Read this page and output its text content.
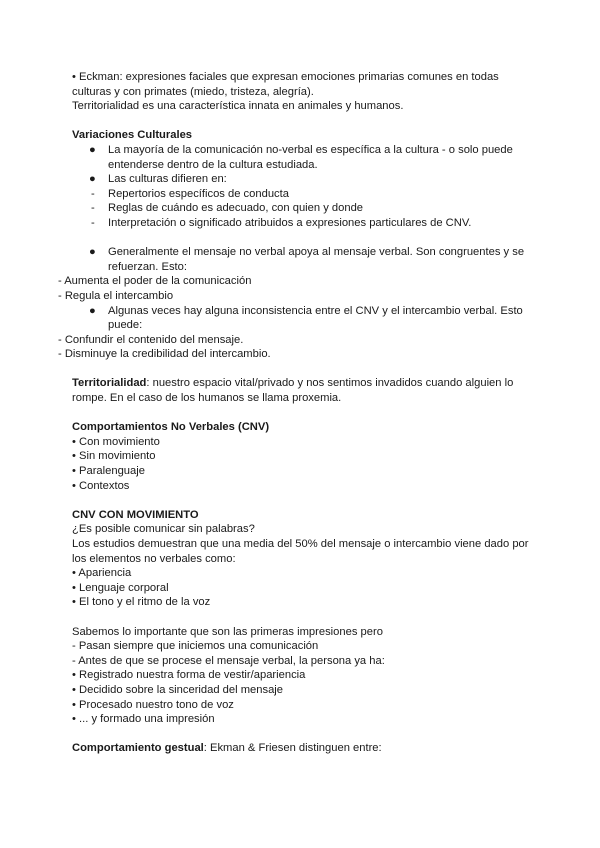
• Eckman: expresiones faciales que expresan emociones primarias comunes en todas
culturas y con primates (miedo, tristeza, alegría).
Territorialidad es una característica innata en animales y humanos.
Variaciones Culturales
● La mayoría de la comunicación no-verbal es específica a la cultura - o solo puede
entenderse dentro de la cultura estudiada.
● Las culturas difieren en:
- Repertorios específicos de conducta
- Reglas de cuándo es adecuado, con quien y donde
- Interpretación o significado atribuidos a expresiones particulares de CNV.
● Generalmente el mensaje no verbal apoya al mensaje verbal. Son congruentes y se
refuerzan. Esto:
- Aumenta el poder de la comunicación
- Regula el intercambio
● Algunas veces hay alguna inconsistencia entre el CNV y el intercambio verbal. Esto
puede:
- Confundir el contenido del mensaje.
- Disminuye la credibilidad del intercambio.
Territorialidad: nuestro espacio vital/privado y nos sentimos invadidos cuando alguien lo
rompe. En el caso de los humanos se llama proxemia.
Comportamientos No Verbales (CNV)
• Con movimiento
• Sin movimiento
• Paralenguaje
• Contextos
CNV CON MOVIMIENTO
¿Es posible comunicar sin palabras?
Los estudios demuestran que una media del 50% del mensaje o intercambio viene dado por
los elementos no verbales como:
• Apariencia
• Lenguaje corporal
• El tono y el ritmo de la voz
Sabemos lo importante que son las primeras impresiones pero
- Pasan siempre que iniciemos una comunicación
- Antes de que se procese el mensaje verbal, la persona ya ha:
• Registrado nuestra forma de vestir/apariencia
• Decidido sobre la sinceridad del mensaje
• Procesado nuestro tono de voz
• ... y formado una impresión
Comportamiento gestual: Ekman & Friesen distinguen entre:
